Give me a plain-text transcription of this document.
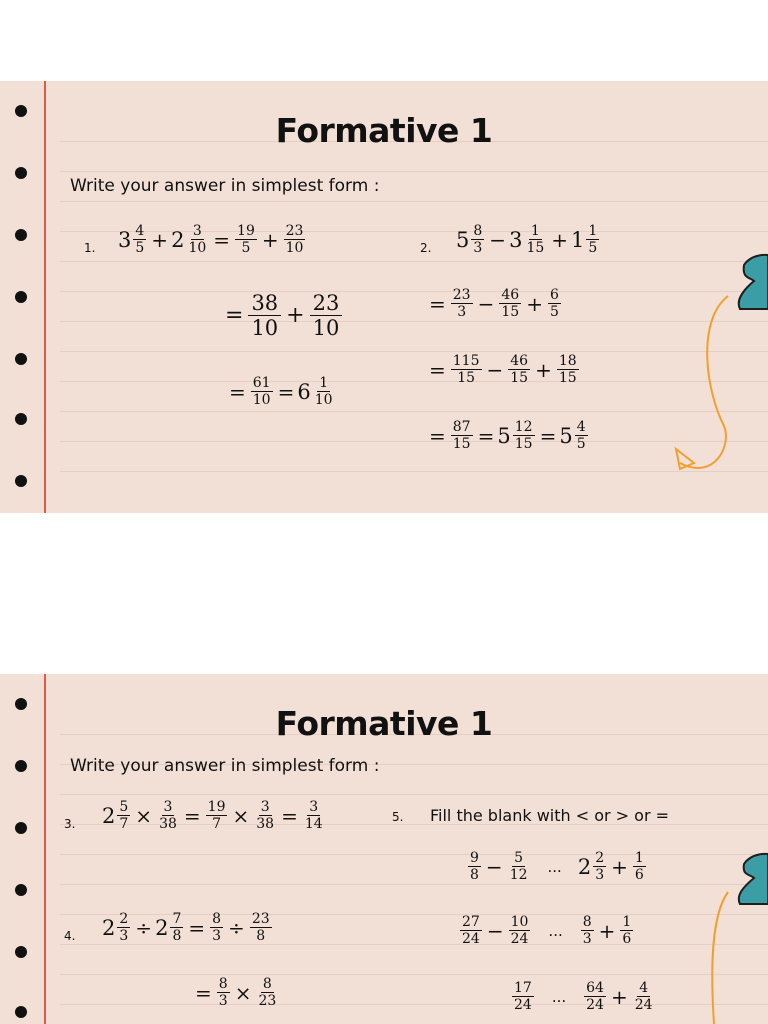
Formative 1
Write your answer in simplest form :
1. $3 \frac{4}{5} + 2 \frac{3}{10} = \frac{19}{5} + \frac{23}{10}$
= $\frac{38}{10} + \frac{23}{10}$
= $\frac{61}{10} = 6 \frac{1}{10}$
2. $5 \frac{8}{3} - 3 \frac{1}{15} + 1 \frac{1}{5}$
= $\frac{23}{3} - \frac{46}{15} + \frac{6}{5}$
= $\frac{115}{15} - \frac{46}{15} + \frac{18}{15}$
= $\frac{87}{15} = 5 \frac{12}{15} = 5 \frac{4}{5}$
Formative 1
Write your answer in simplest form :
3. $2 \frac{5}{7} \times \frac{3}{38} = \frac{19}{7} \times \frac{3}{38} = \frac{3}{14}$
4. $2 \frac{2}{3} \div 2 \frac{7}{8} = \frac{8}{3} \div \frac{23}{8}$
= $\frac{8}{3} \times \frac{8}{23}$
5. Fill the blank with < or > or =
$\frac{9}{8} - \frac{5}{12}$ ... $2 \frac{2}{3} + \frac{1}{6}$
$\frac{27}{24} - \frac{10}{24}$ ... $\frac{8}{3} + \frac{1}{6}$
$\frac{17}{24}$ ... $\frac{64}{24} + \frac{4}{24}$
